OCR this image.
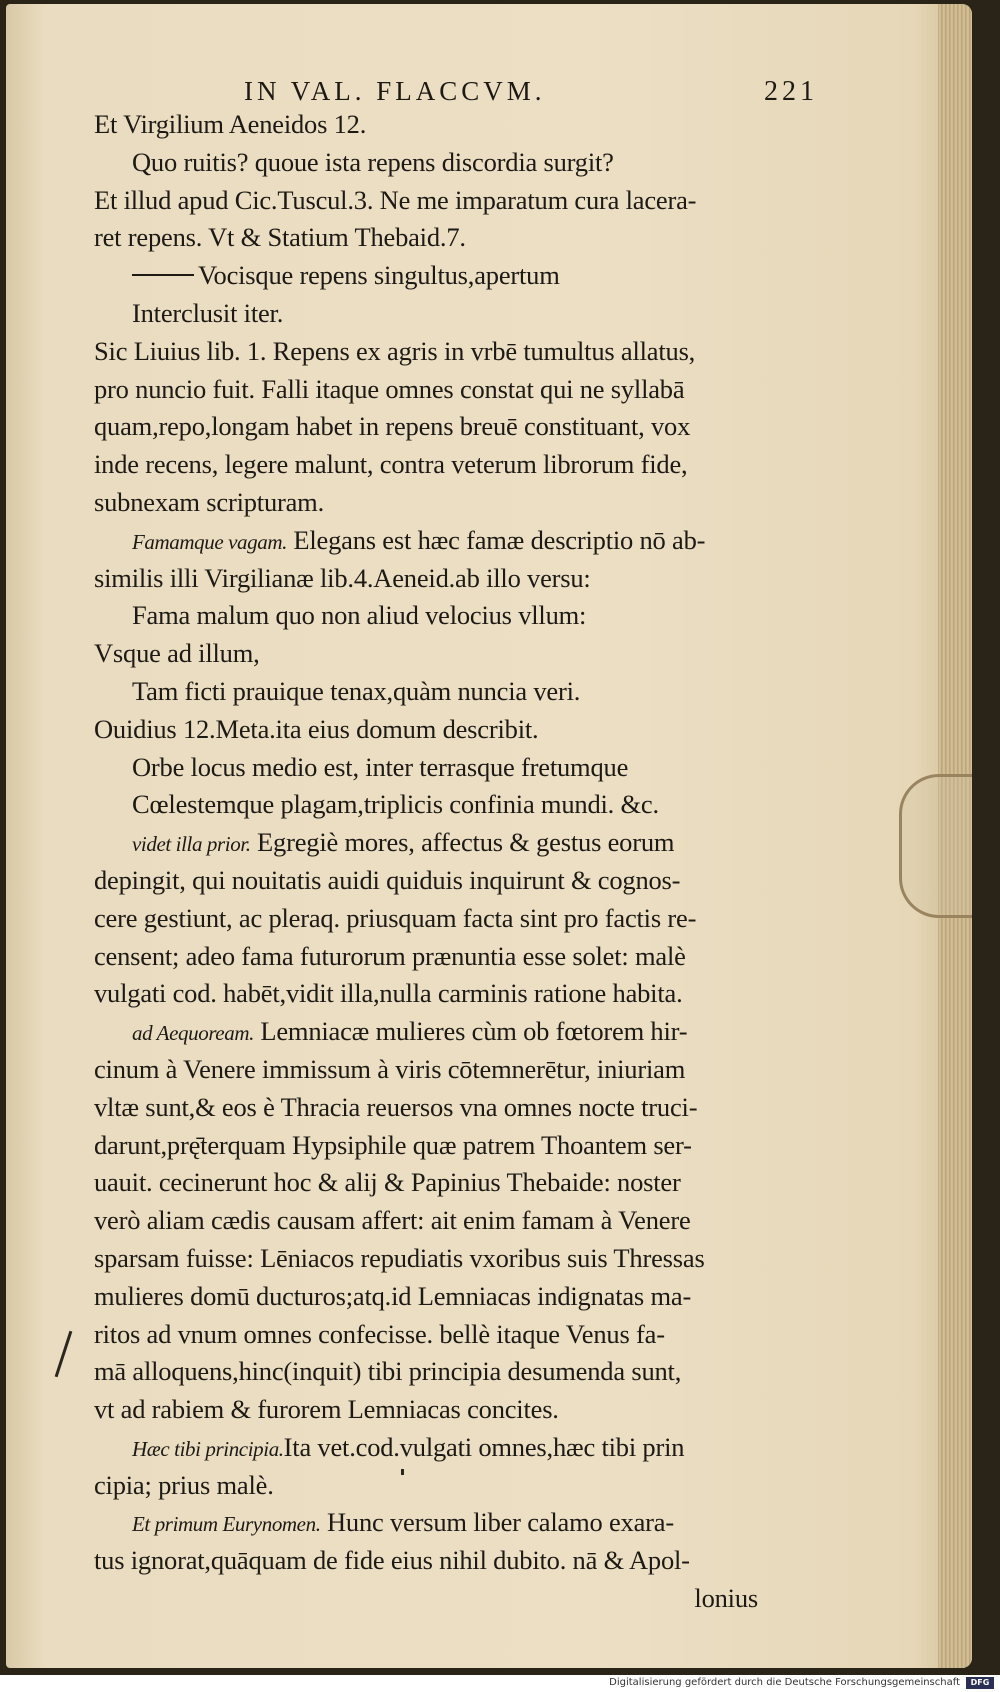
IN VAL. FLACCVM.	221
Et Virgilium Aeneidos 12.
Quo ruitis? quoue ista repens discordia surgit?
Et illud apud Cic.Tuscul.3. Ne me imparatum cura lacera-
ret repens. Vt & Statium Thebaid.7.
Vocisque repens singultus,apertum
Interclusit iter.
Sic Liuius lib. 1. Repens ex agris in vrbē tumultus allatus,
pro nuncio fuit. Falli itaque omnes constat qui ne syllabā
quam,repo,longam habet in repens breuē constituant, vox
inde recens, legere malunt, contra veterum librorum fide,
subnexam scripturam.
Famamque vagam. Elegans est hæc famæ descriptio nō ab-
similis illi Virgilianæ lib.4.Aeneid.ab illo versu:
Fama malum quo non aliud velocius vllum:
Vsque ad illum,
Tam ficti prauique tenax,quàm nuncia veri.
Ouidius 12.Meta.ita eius domum describit.
Orbe locus medio est, inter terrasque fretumque
Cœlestemque plagam,triplicis confinia mundi. &c.
videt illa prior. Egregiè mores, affectus & gestus eorum
depingit, qui nouitatis auidi quiduis inquirunt & cognos-
cere gestiunt, ac pleraq. priusquam facta sint pro factis re-
censent; adeo fama futurorum prænuntia esse solet: malè
vulgati cod. habēt,vidit illa,nulla carminis ratione habita.
ad Aequoream. Lemniacæ mulieres cùm ob fœtorem hir-
cinum à Venere immissum à viris cōtemnerētur, iniuriam
vltæ sunt,& eos è Thracia reuersos vna omnes nocte truci-
darunt,prę̄terquam Hypsiphile quæ patrem Thoantem ser-
uauit. cecinerunt hoc & alij & Papinius Thebaide: noster
verò aliam cædis causam affert: ait enim famam à Venere
sparsam fuisse: Lēniacos repudiatis vxoribus suis Thressas
mulieres domū ducturos;atq.id Lemniacas indignatas ma-
ritos ad vnum omnes confecisse. bellè itaque Venus fa-
mā alloquens,hinc(inquit) tibi principia desumenda sunt,
vt ad rabiem & furorem Lemniacas concites.
Hæc tibi principia.Ita vet.cod.vulgati omnes,hæc tibi prin
cipia; prius malè.
Et primum Eurynomen. Hunc versum liber calamo exara-
tus ignorat,quāquam de fide eius nihil dubito. nā & Apol-
lonius
Digitalisierung gefördert durch die Deutsche Forschungsgemeinschaft	DFG
